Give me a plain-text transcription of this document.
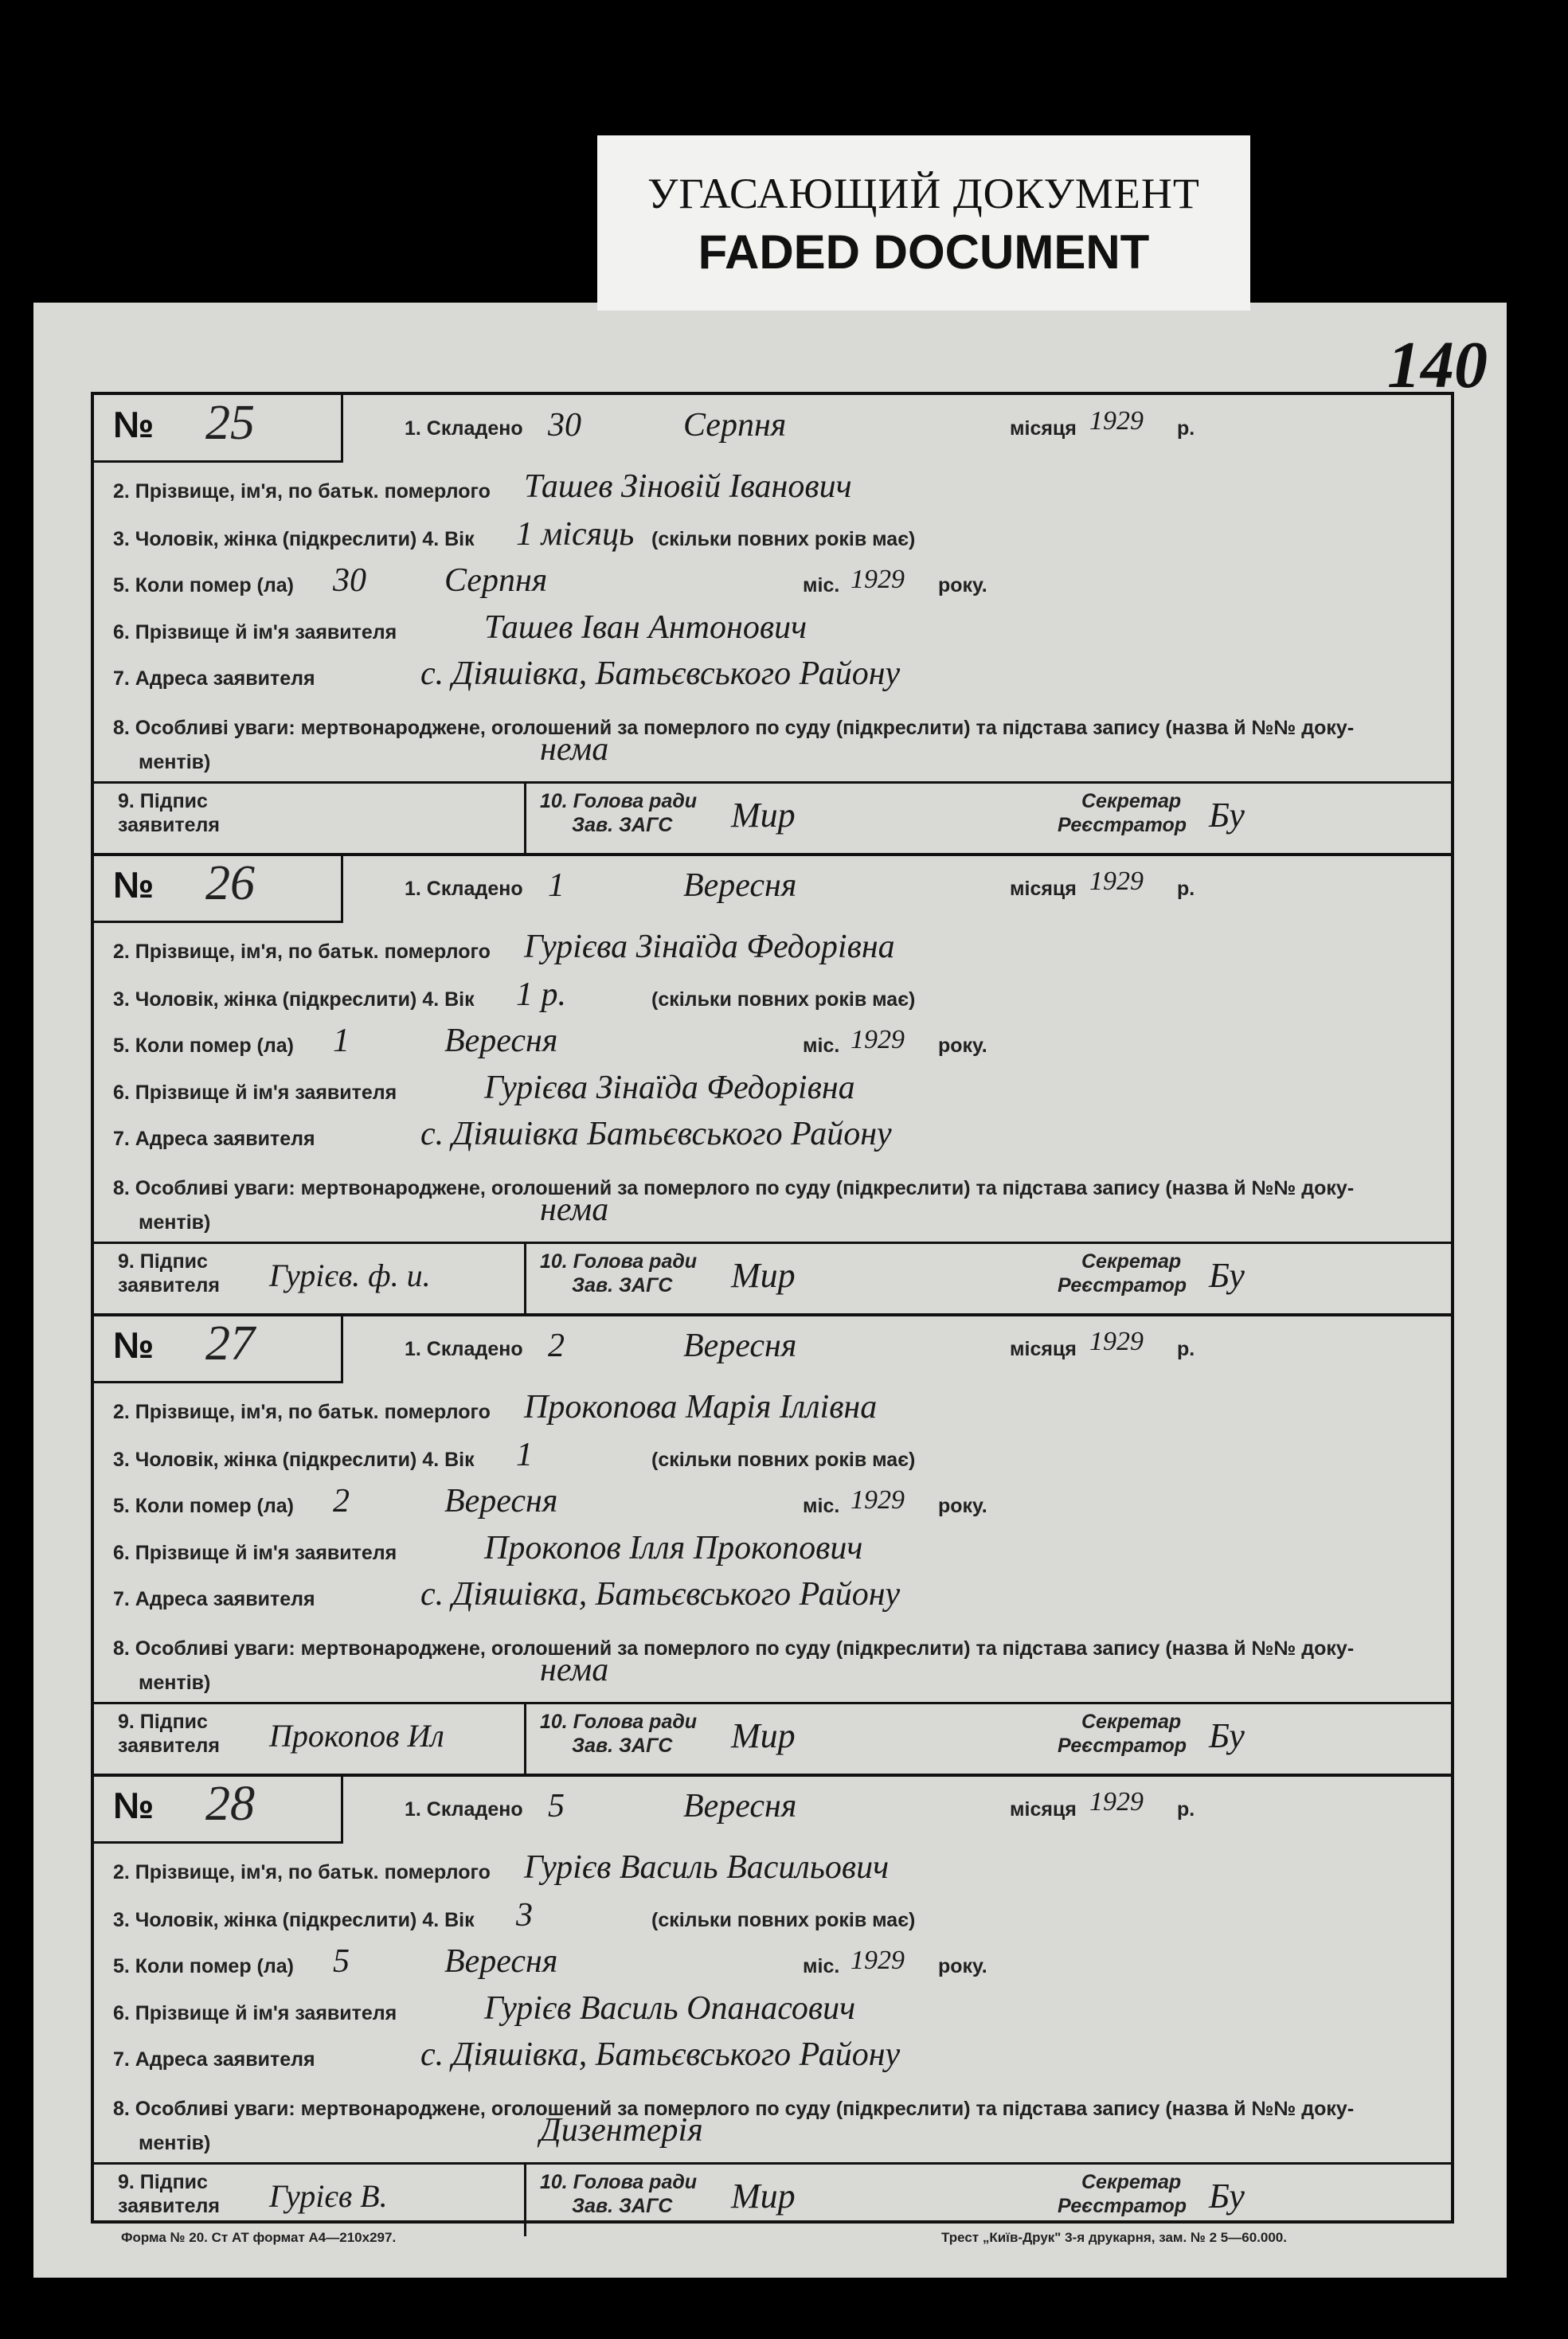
УГАСАЮЩИЙ ДОКУМЕНТ
FADED DOCUMENT
140
№ 25	1. Складено 30	Серпня	місяця 1929 р.
2. Прізвище, ім'я, по батьк. померлого Ташев Зіновій Іванович
3. Чоловік, жінка (підкреслити) 4. Вік 1 місяць (скільки повних років має)
5. Коли помер (ла) 30 Серпня	міс. 1929 року.
6. Прізвище й ім'я заявителя	Ташев Іван Антонович
7. Адреса заявителя	с. Діяшівка, Батьєвського Району
8. Особливі уваги: мертвонароджене, оголошений за померлого по суду (підкреслити) та підстава запису (назва й №№ доку-
ментів)	нема
9. Підпис
заявителя
10. Голова ради
Зав. ЗАГС Мир	Секретар
Реєстратор Бу
№ 26	1. Складено 1	Вересня	місяця 1929 р.
2. Прізвище, ім'я, по батьк. померлого Гурієва Зінаїда Федорівна
3. Чоловік, жінка (підкреслити) 4. Вік 1 р.	(скільки повних років має)
5. Коли помер (ла) 1	Вересня	міс. 1929 року.
6. Прізвище й ім'я заявителя	Гурієва Зінаїда Федорівна
7. Адреса заявителя	с. Діяшівка Батьєвського Району
8. Особливі уваги: мертвонароджене, оголошений за померлого по суду (підкреслити) та підстава запису (назва й №№ доку-
ментів)	нема
9. Підпис
заявителя Гурієв. ф. и.	10. Голова ради
Зав. ЗАГС Мир	Секретар
Реєстратор Бу
№ 27	1. Складено 2	Вересня	місяця 1929 р.
2. Прізвище, ім'я, по батьк. померлого Прокопова Марія Іллівна
3. Чоловік, жінка (підкреслити) 4. Вік 1	(скільки повних років має)
5. Коли помер (ла) 2	Вересня	міс. 1929 року.
6. Прізвище й ім'я заявителя	Прокопов Ілля Прокопович
7. Адреса заявителя	с. Діяшівка, Батьєвського Району
8. Особливі уваги: мертвонароджене, оголошений за померлого по суду (підкреслити) та підстава запису (назва й №№ доку-
ментів)	нема
9. Підпис
заявителя Прокопов Ил	10. Голова ради
Зав. ЗАГС Мир	Секретар
Реєстратор Бу
№ 28	1. Складено 5	Вересня	місяця 1929 р.
2. Прізвище, ім'я, по батьк. померлого Гурієв Василь Васильович
3. Чоловік, жінка (підкреслити) 4. Вік 3	(скільки повних років має)
5. Коли помер (ла) 5	Вересня	міс. 1929 року.
6. Прізвище й ім'я заявителя	Гурієв Василь Опанасович
7. Адреса заявителя	с. Діяшівка, Батьєвського Району
8. Особливі уваги: мертвонароджене, оголошений за померлого по суду (підкреслити) та підстава запису (назва й №№ доку-
ментів)	Дизентерія
9. Підпис
заявителя Гурієв В.	10. Голова ради
Зав. ЗАГС Мир	Секретар
Реєстратор Бу
Форма № 20. Ст АТ формат А4—210х297.	Трест „Київ-Друк" 3-я друкарня, зам. № 2 5—60.000.
